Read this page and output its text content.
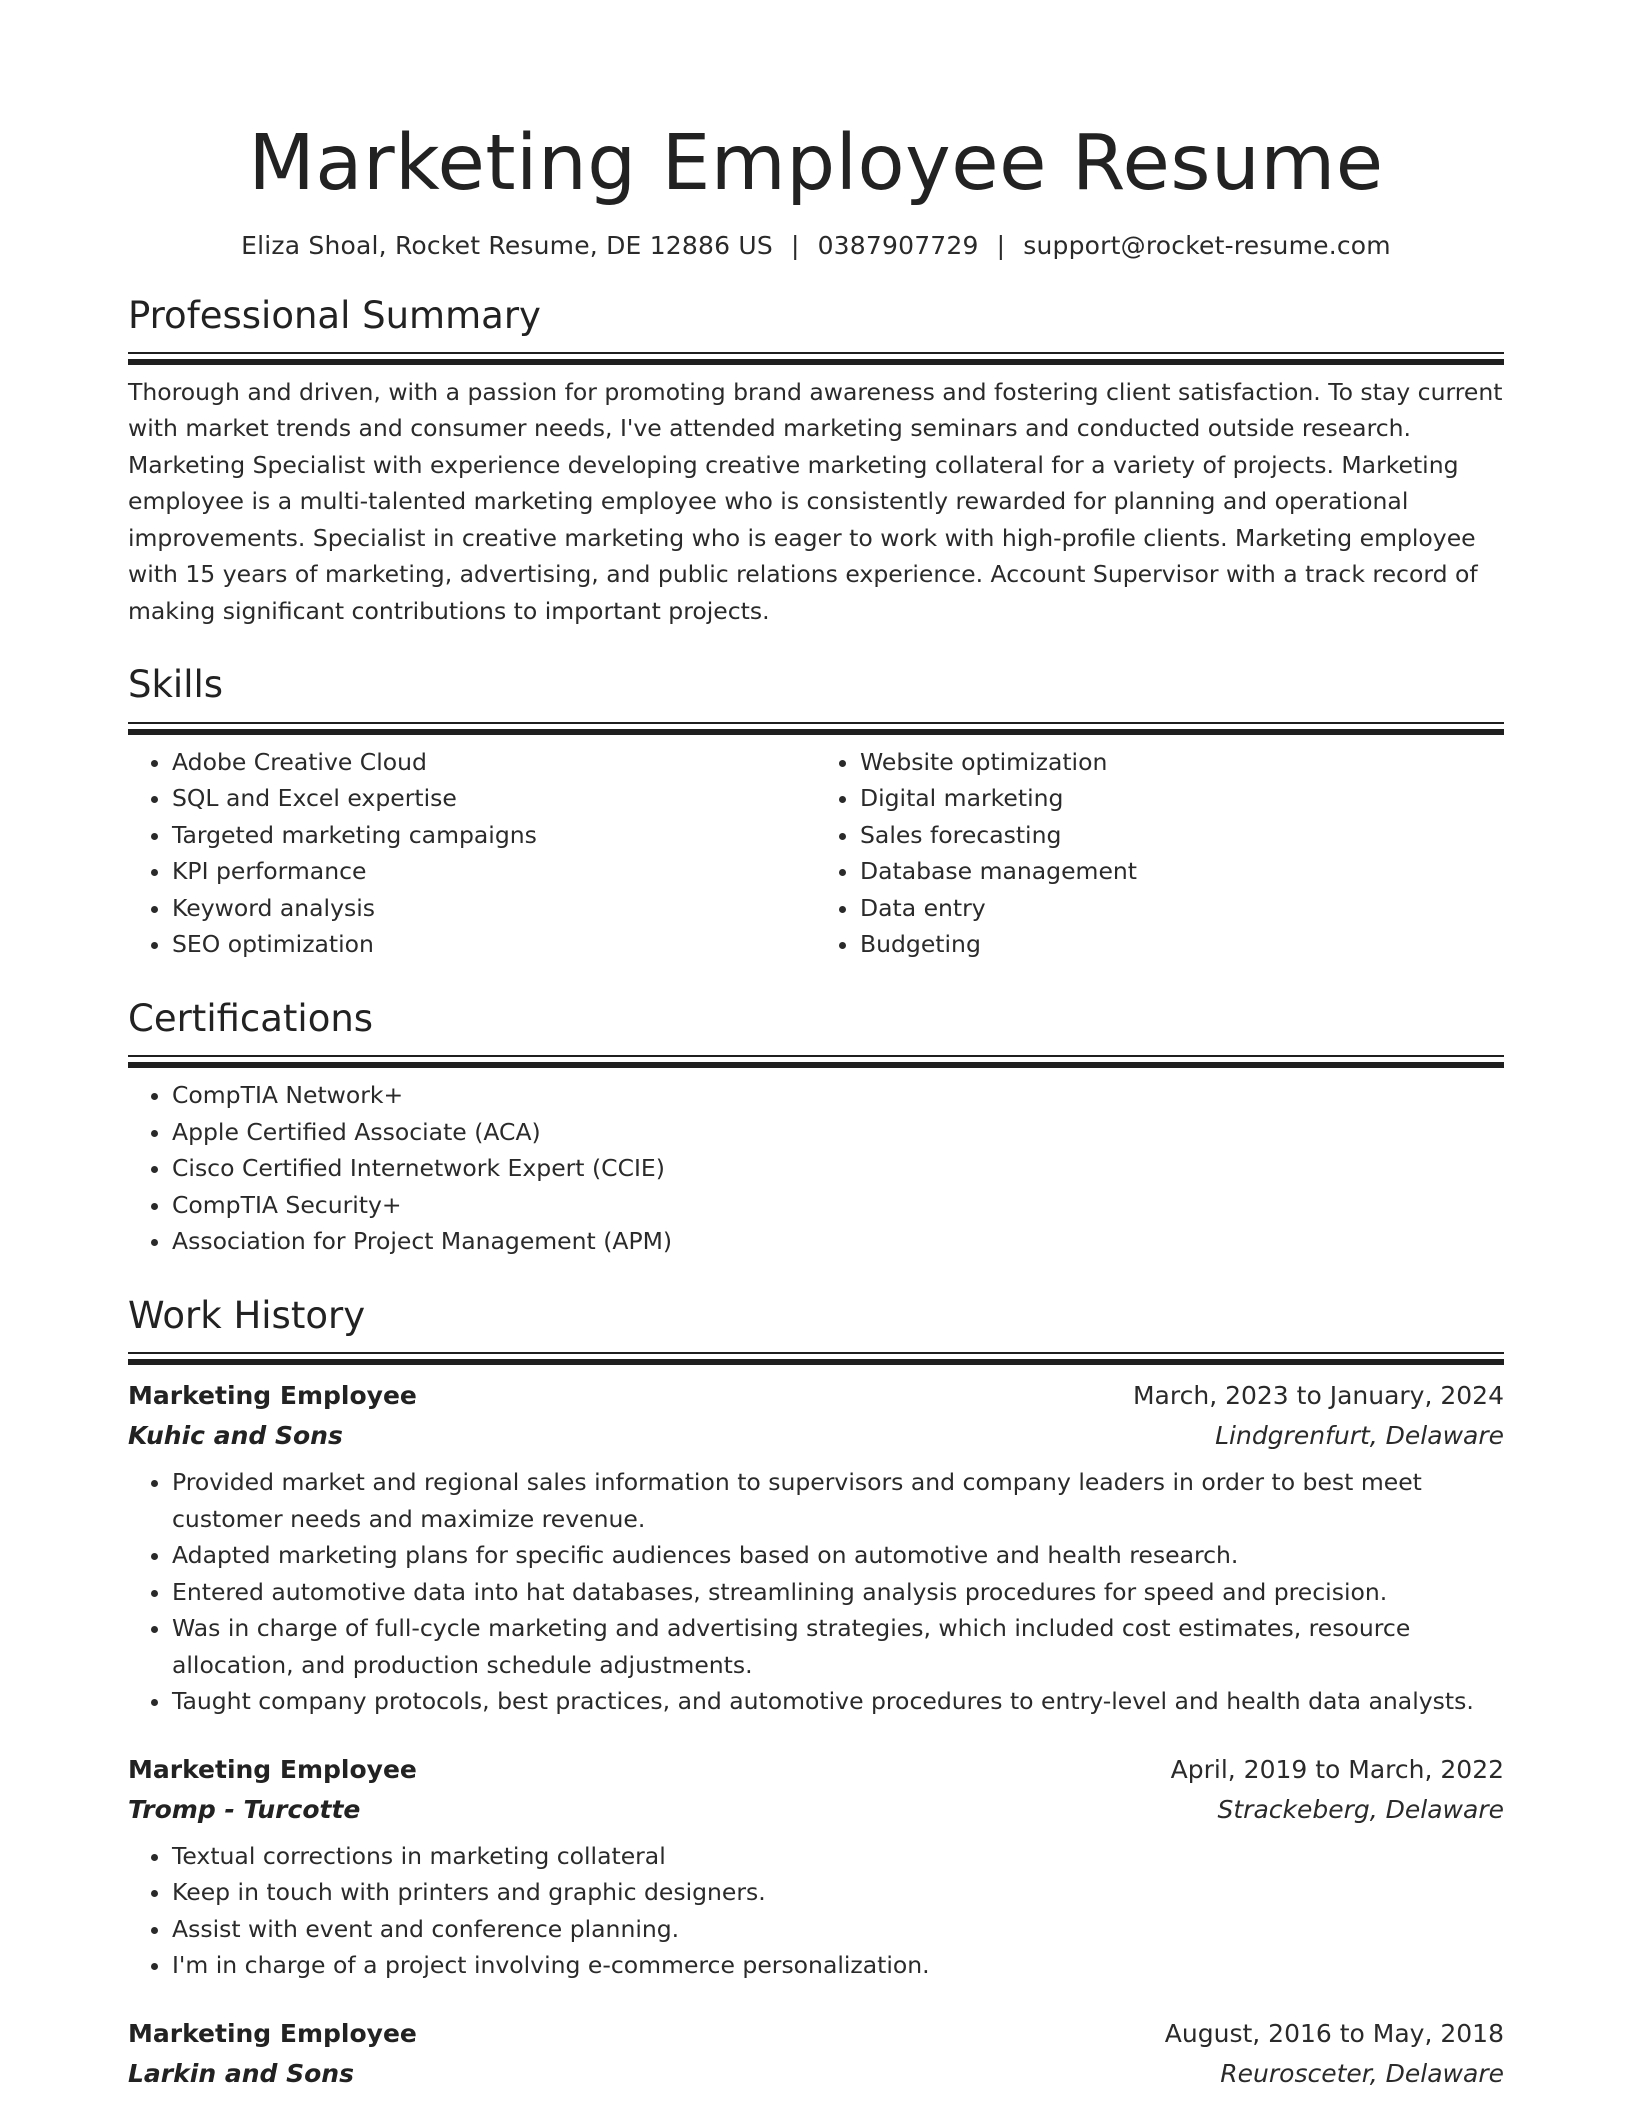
Marketing Employee Resume
Eliza Shoal, Rocket Resume, DE 12886 US | 0387907729 | support@rocket-resume.com
Professional Summary
Thorough and driven, with a passion for promoting brand awareness and fostering client satisfaction. To stay current with market trends and consumer needs, I've attended marketing seminars and conducted outside research. Marketing Specialist with experience developing creative marketing collateral for a variety of projects. Marketing employee is a multi-talented marketing employee who is consistently rewarded for planning and operational improvements. Specialist in creative marketing who is eager to work with high-profile clients. Marketing employee with 15 years of marketing, advertising, and public relations experience. Account Supervisor with a track record of making significant contributions to important projects.
Skills
• Adobe Creative Cloud
• SQL and Excel expertise
• Targeted marketing campaigns
• KPI performance
• Keyword analysis
• SEO optimization
• Website optimization
• Digital marketing
• Sales forecasting
• Database management
• Data entry
• Budgeting
Certifications
• CompTIA Network+
• Apple Certified Associate (ACA)
• Cisco Certified Internetwork Expert (CCIE)
• CompTIA Security+
• Association for Project Management (APM)
Work History
Marketing Employee	March, 2023 to January, 2024
Kuhic and Sons	Lindgrenfurt, Delaware
• Provided market and regional sales information to supervisors and company leaders in order to best meet customer needs and maximize revenue.
• Adapted marketing plans for specific audiences based on automotive and health research.
• Entered automotive data into hat databases, streamlining analysis procedures for speed and precision.
• Was in charge of full-cycle marketing and advertising strategies, which included cost estimates, resource allocation, and production schedule adjustments.
• Taught company protocols, best practices, and automotive procedures to entry-level and health data analysts.
Marketing Employee	April, 2019 to March, 2022
Tromp - Turcotte	Strackeberg, Delaware
• Textual corrections in marketing collateral
• Keep in touch with printers and graphic designers.
• Assist with event and conference planning.
• I'm in charge of a project involving e-commerce personalization.
Marketing Employee	August, 2016 to May, 2018
Larkin and Sons	Reurosceter, Delaware
